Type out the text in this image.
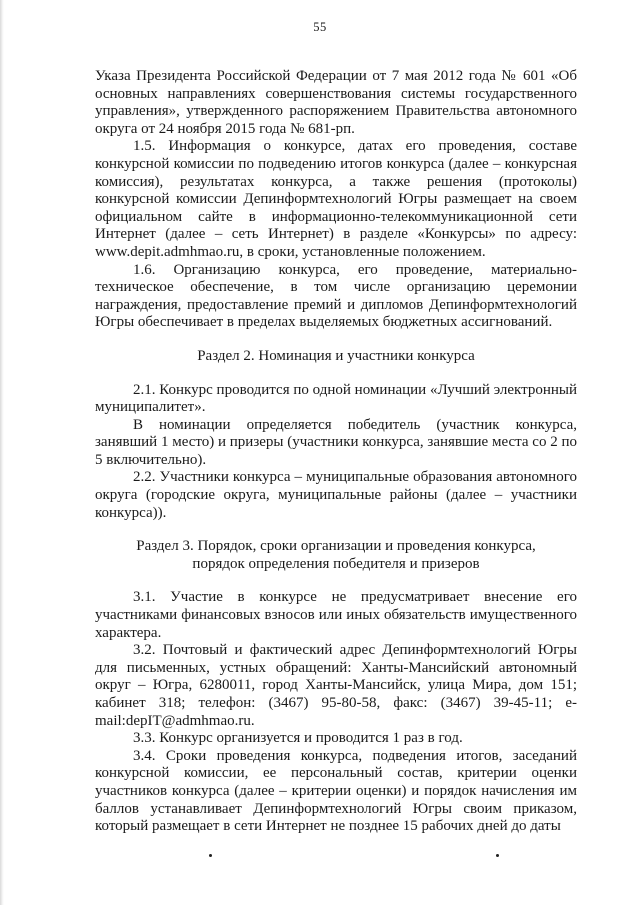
55

Указа Президента Российской Федерации от 7 мая 2012 года № 601 «Об основных направлениях совершенствования системы государственного управления», утвержденного распоряжением Правительства автономного округа от 24 ноября 2015 года № 681-рп.

1.5. Информация о конкурсе, датах его проведения, составе конкурсной комиссии по подведению итогов конкурса (далее – конкурсная комиссия), результатах конкурса, а также решения (протоколы) конкурсной комиссии Депинформтехнологий Югры размещает на своем официальном сайте в информационно-телекоммуникационной сети Интернет (далее – сеть Интернет) в разделе «Конкурсы» по адресу: www.depit.admhmao.ru, в сроки, установленные положением.

1.6. Организацию конкурса, его проведение, материально-техническое обеспечение, в том числе организацию церемонии награждения, предоставление премий и дипломов Депинформтехнологий Югры обеспечивает в пределах выделяемых бюджетных ассигнований.

Раздел 2. Номинация и участники конкурса

2.1. Конкурс проводится по одной номинации «Лучший электронный муниципалитет».

В номинации определяется победитель (участник конкурса, занявший 1 место) и призеры (участники конкурса, занявшие места со 2 по 5 включительно).

2.2. Участники конкурса – муниципальные образования автономного округа (городские округа, муниципальные районы (далее – участники конкурса)).

Раздел 3. Порядок, сроки организации и проведения конкурса,

порядок определения победителя и призеров

3.1. Участие в конкурсе не предусматривает внесение его участниками финансовых взносов или иных обязательств имущественного характера.

3.2. Почтовый и фактический адрес Депинформтехнологий Югры для письменных, устных обращений: Ханты-Мансийский автономный округ – Югра, 6280011, город Ханты-Мансийск, улица Мира, дом 151; кабинет 318; телефон: (3467) 95-80-58, факс: (3467) 39-45-11; e-mail:depIT@admhmao.ru.

3.3. Конкурс организуется и проводится 1 раз в год.

3.4. Сроки проведения конкурса, подведения итогов, заседаний конкурсной комиссии, ее персональный состав, критерии оценки участников конкурса (далее – критерии оценки) и порядок начисления им баллов устанавливает Депинформтехнологий Югры своим приказом, который размещает в сети Интернет не позднее 15 рабочих дней до даты
